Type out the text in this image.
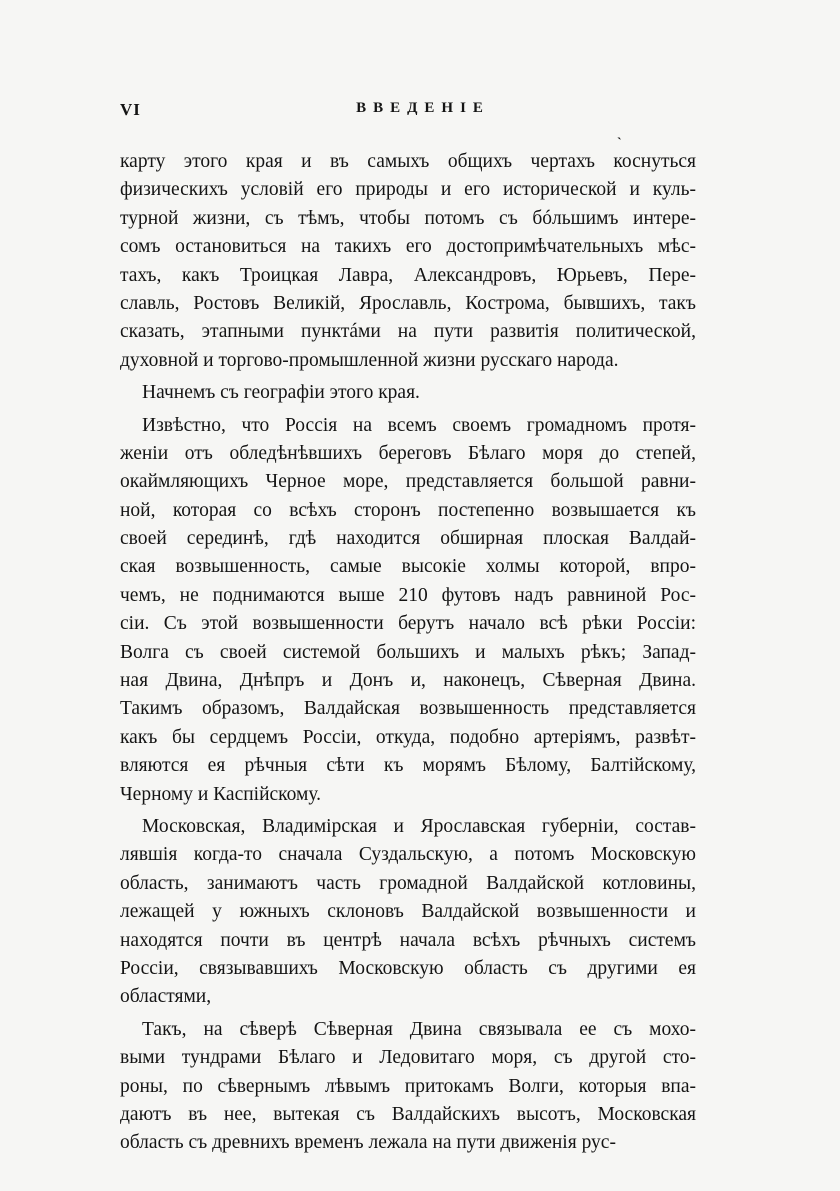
VI	ВВЕДЕНІЕ
ˋ
карту этого края и въ самыхъ общихъ чертахъ коснуться
физическихъ условій его природы и его исторической и куль-
турной жизни, съ тѣмъ, чтобы потомъ съ бóльшимъ интере-
сомъ остановиться на такихъ его достопримѣчательныхъ мѣс-
тахъ, какъ Троицкая Лавра, Александровъ, Юрьевъ, Пере-
славль, Ростовъ Великій, Ярославль, Кострома, бывшихъ, такъ
сказать, этапными пунктáми на пути развитія политической,
духовной и торгово-промышленной жизни русскаго народа.
Начнемъ съ географіи этого края.
Извѣстно, что Россія на всемъ своемъ громадномъ протя-
женіи отъ обледѣнѣвшихъ береговъ Бѣлаго моря до степей,
окаймляющихъ Черное море, представляется большой равни-
ной, которая со всѣхъ сторонъ постепенно возвышается къ
своей серединѣ, гдѣ находится обширная плоская Валдай-
ская возвышенность, самые высокіе холмы которой, впро-
чемъ, не поднимаются выше 210 футовъ надъ равниной Рос-
сіи. Съ этой возвышенности берутъ начало всѣ рѣки Россіи:
Волга съ своей системой большихъ и малыхъ рѣкъ; Запад-
ная Двина, Днѣпръ и Донъ и, наконецъ, Сѣверная Двина.
Такимъ образомъ, Валдайская возвышенность представляется
какъ бы сердцемъ Россіи, откуда, подобно артеріямъ, развѣт-
вляются ея рѣчныя сѣти къ морямъ Бѣлому, Балтійскому,
Черному и Каспійскому.
Московская, Владимірская и Ярославская губерніи, состав-
лявшія когда-то сначала Суздальскую, а потомъ Московскую
область, занимаютъ часть громадной Валдайской котловины,
лежащей у южныхъ склоновъ Валдайской возвышенности и
находятся почти въ центрѣ начала всѣхъ рѣчныхъ системъ
Россіи, связывавшихъ Московскую область съ другими ея
областями,
Такъ, на сѣверѣ Сѣверная Двина связывала ее съ мохо-
выми тундрами Бѣлаго и Ледовитаго моря, съ другой сто-
роны, по сѣвернымъ лѣвымъ притокамъ Волги, которыя впа-
даютъ въ нее, вытекая съ Валдайскихъ высотъ, Московская
область съ древнихъ временъ лежала на пути движенія рус-
